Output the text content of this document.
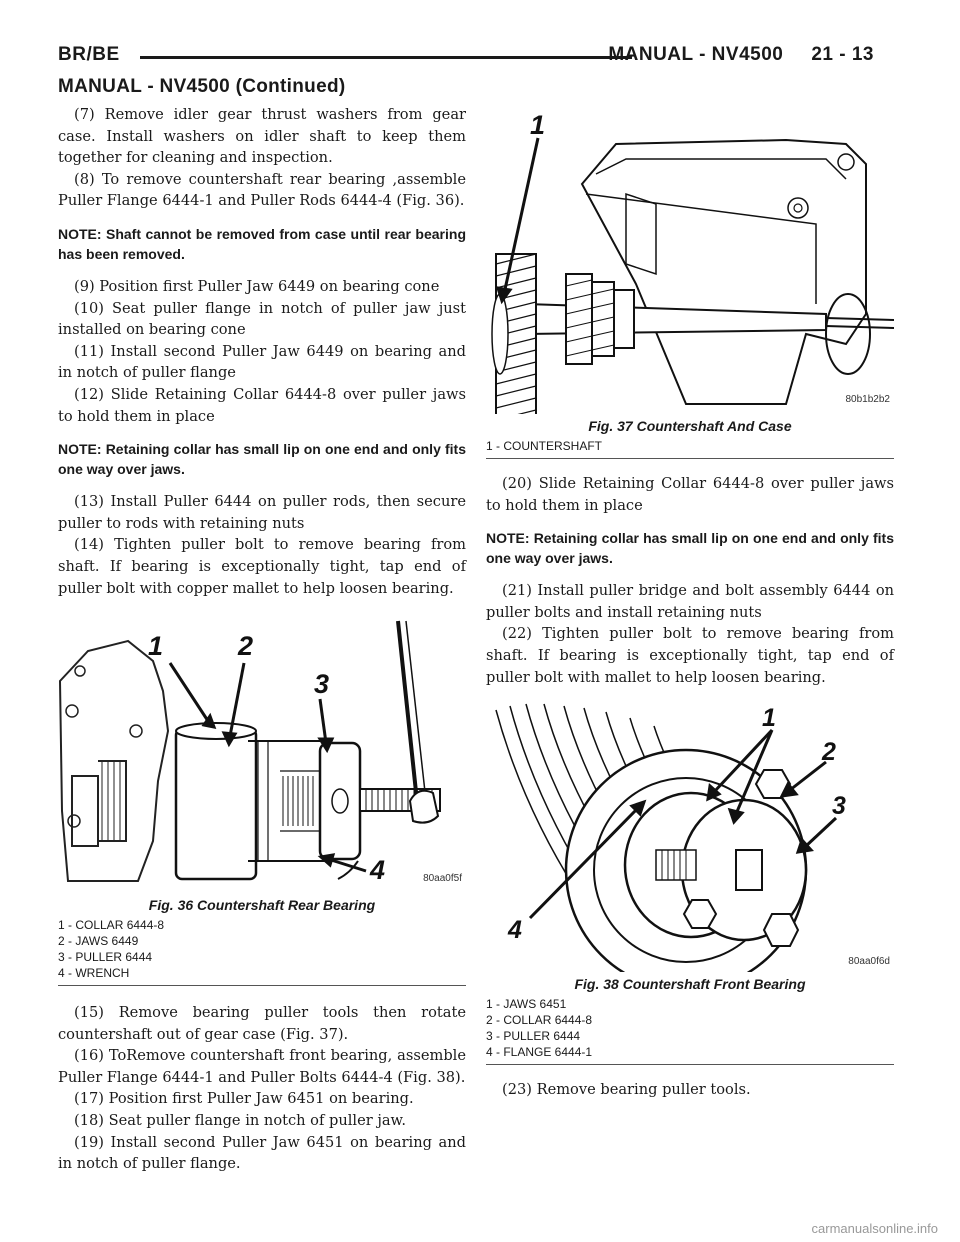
BR/BE	MANUAL - NV4500 21 - 13
MANUAL - NV4500 (Continued)

(7) Remove idler gear thrust washers from gear case. Install washers on idler shaft to keep them together for cleaning and inspection.

(8) To remove countershaft rear bearing ,assemble Puller Flange 6444-1 and Puller Rods 6444-4 (Fig. 36).

NOTE: Shaft cannot be removed from case until rear bearing has been removed.

(9) Position first Puller Jaw 6449 on bearing cone

(10) Seat puller flange in notch of puller jaw just installed on bearing cone

(11) Install second Puller Jaw 6449 on bearing and in notch of puller flange

(12) Slide Retaining Collar 6444-8 over puller jaws to hold them in place

NOTE: Retaining collar has small lip on one end and only fits one way over jaws.

(13) Install Puller 6444 on puller rods, then secure puller to rods with retaining nuts

(14) Tighten puller bolt to remove bearing from shaft. If bearing is exceptionally tight, tap end of puller bolt with copper mallet to help loosen bearing.

1	2
3
4	80aa0f5f
Fig. 36 Countershaft Rear Bearing
1 - COLLAR 6444-8
2 - JAWS 6449
3 - PULLER 6444
4 - WRENCH

(15) Remove bearing puller tools then rotate countershaft out of gear case (Fig. 37).

(16) ToRemove countershaft front bearing, assemble Puller Flange 6444-1 and Puller Bolts 6444-4 (Fig. 38).

(17) Position first Puller Jaw 6451 on bearing.

(18) Seat puller flange in notch of puller jaw.

(19) Install second Puller Jaw 6451 on bearing and in notch of puller flange.

1
80b1b2b2
Fig. 37 Countershaft And Case
1 - COUNTERSHAFT

(20) Slide Retaining Collar 6444-8 over puller jaws to hold them in place

NOTE: Retaining collar has small lip on one end and only fits one way over jaws.

(21) Install puller bridge and bolt assembly 6444 on puller bolts and install retaining nuts

(22) Tighten puller bolt to remove bearing from shaft. If bearing is exceptionally tight, tap end of puller bolt with mallet to help loosen bearing.

1
2
3
4
80aa0f6d
Fig. 38 Countershaft Front Bearing
1 - JAWS 6451
2 - COLLAR 6444-8
3 - PULLER 6444
4 - FLANGE 6444-1

(23) Remove bearing puller tools.

carmanualsonline.info
